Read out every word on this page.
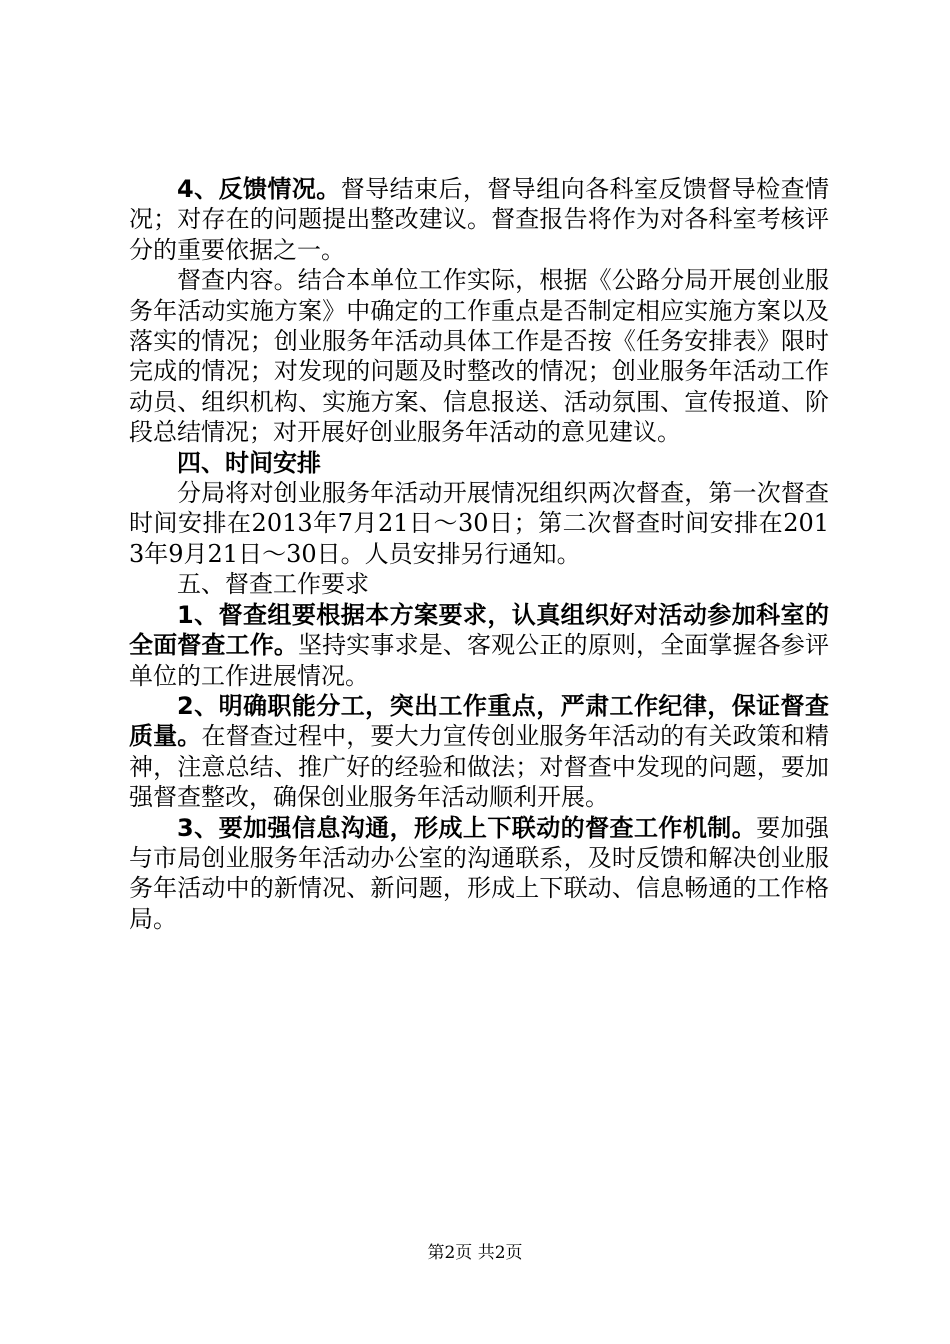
4、反馈情况。督导结束后，督导组向各科室反馈督导检查情况；对存在的问题提出整改建议。督查报告将作为对各科室考核评分的重要依据之一。

督查内容。结合本单位工作实际，根据《公路分局开展创业服务年活动实施方案》中确定的工作重点是否制定相应实施方案以及落实的情况；创业服务年活动具体工作是否按《任务安排表》限时完成的情况；对发现的问题及时整改的情况；创业服务年活动工作动员、组织机构、实施方案、信息报送、活动氛围、宣传报道、阶段总结情况；对开展好创业服务年活动的意见建议。

四、时间安排

分局将对创业服务年活动开展情况组织两次督查，第一次督查时间安排在2013年7月21日～30日；第二次督查时间安排在2013年9月21日～30日。人员安排另行通知。

五、督查工作要求

1、督查组要根据本方案要求，认真组织好对活动参加科室的全面督查工作。坚持实事求是、客观公正的原则，全面掌握各参评单位的工作进展情况。

2、明确职能分工，突出工作重点，严肃工作纪律，保证督查质量。在督查过程中，要大力宣传创业服务年活动的有关政策和精神，注意总结、推广好的经验和做法；对督查中发现的问题，要加强督查整改，确保创业服务年活动顺利开展。

3、要加强信息沟通，形成上下联动的督查工作机制。要加强与市局创业服务年活动办公室的沟通联系，及时反馈和解决创业服务年活动中的新情况、新问题，形成上下联动、信息畅通的工作格局。

第2页 共2页
